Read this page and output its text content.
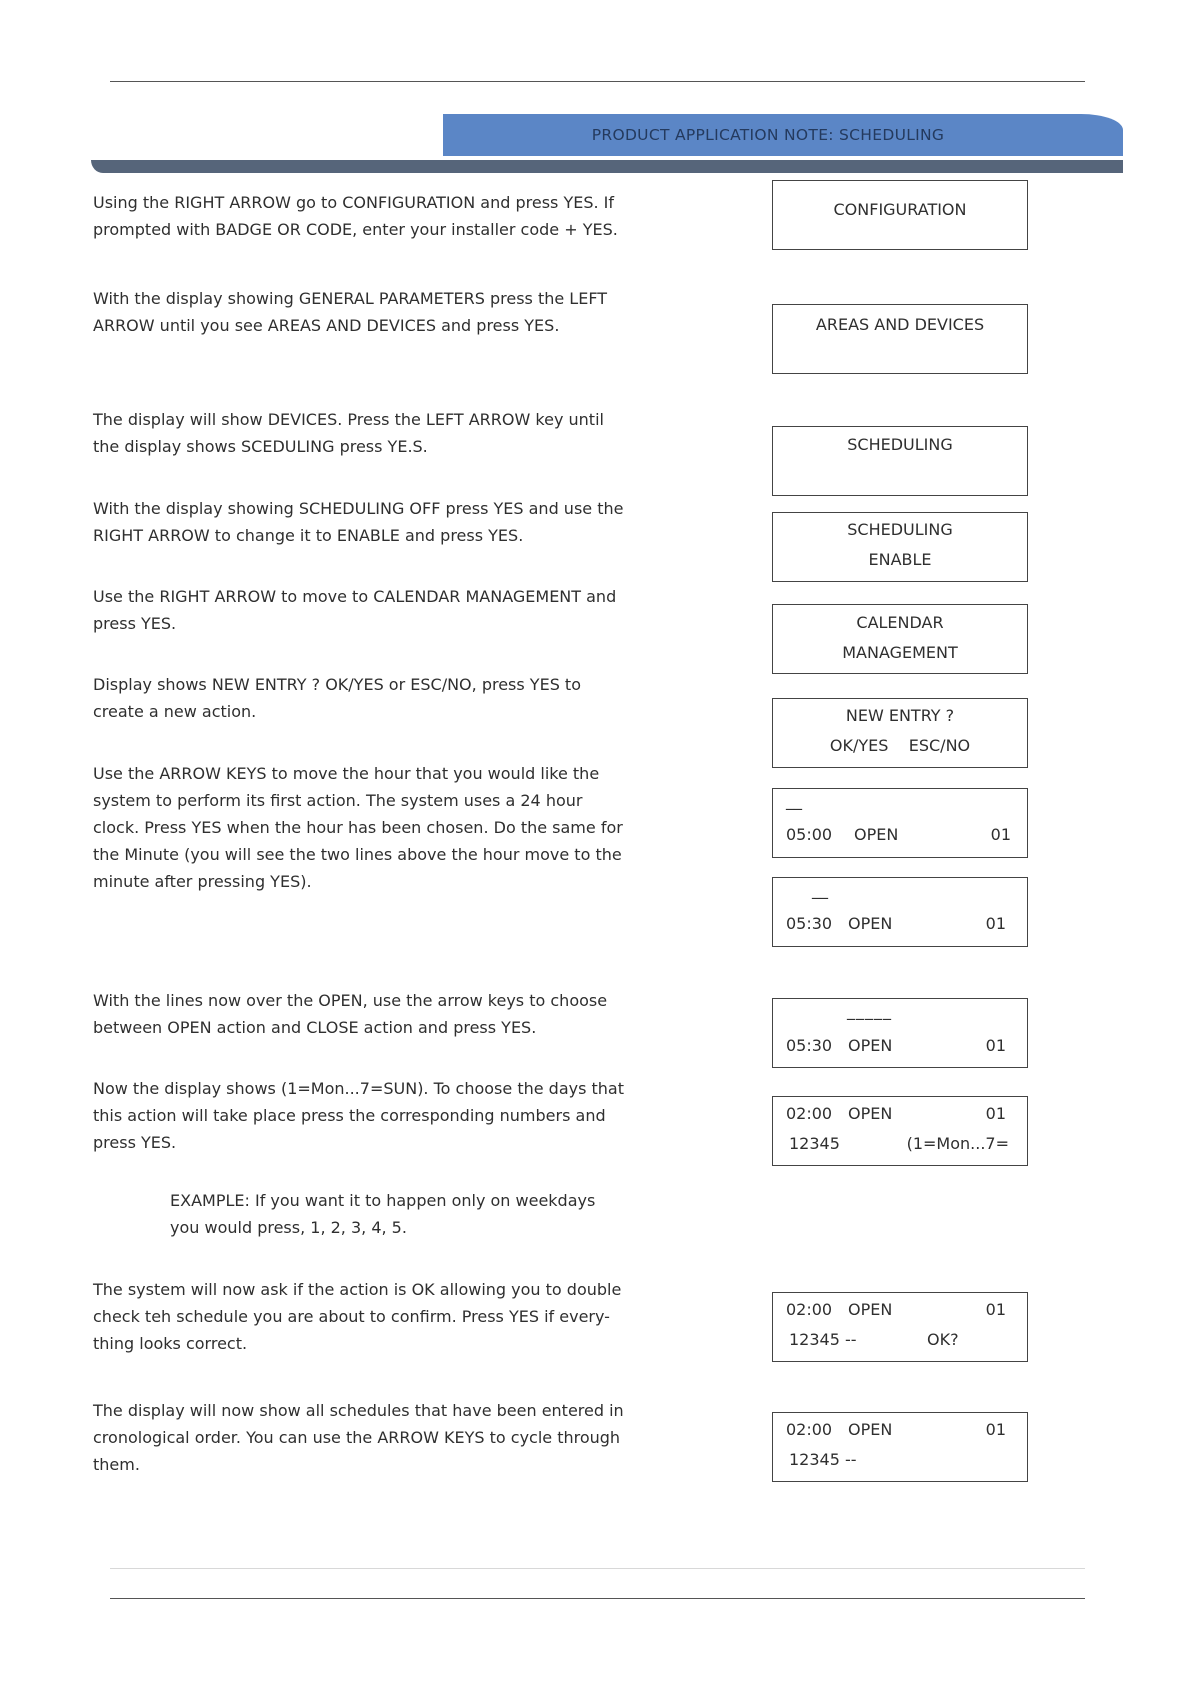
PRODUCT APPLICATION NOTE: SCHEDULING
Using the RIGHT ARROW go to CONFIGURATION and press YES. If prompted with BADGE OR CODE, enter your installer code + YES.
CONFIGURATION
With the display showing GENERAL PARAMETERS press the LEFT ARROW until you see AREAS AND DEVICES and press YES.	AREAS AND DEVICES
The display will show DEVICES. Press the LEFT ARROW key until the display shows SCEDULING press YE.S.	SCHEDULING
With the display showing SCHEDULING OFF press YES and use the RIGHT ARROW to change it to ENABLE and press YES.	SCHEDULING
ENABLE
Use the RIGHT ARROW to move to CALENDAR MANAGEMENT and press YES.	CALENDAR
MANAGEMENT
Display shows NEW ENTRY ? OK/YES or ESC/NO, press YES to create a new action.	NEW ENTRY ?
OK/YES    ESC/NO
Use the ARROW KEYS to move the hour that you would like the system to perform its first action. The system uses a 24 hour clock. Press YES when the hour has been chosen. Do the same for the Minute (you will see the two lines above the hour move to the minute after pressing YES).
__
05:00 OPEN	01
__
05:30 OPEN	01
With the lines now over the OPEN, use the arrow keys to choose between OPEN action and CLOSE action and press YES.
_____
05:30 OPEN	01
Now the display shows (1=Mon...7=SUN). To choose the days that this action will take place press the corresponding numbers and press YES.
02:00 OPEN	01
12345	(1=Mon...7=
EXAMPLE: If you want it to happen only on weekdays
you would press, 1, 2, 3, 4, 5.
The system will now ask if the action is OK allowing you to double check teh schedule you are about to confirm. Press YES if every-thing looks correct.
02:00 OPEN	01
12345 --	OK?
The display will now show all schedules that have been entered in cronological order. You can use the ARROW KEYS to cycle through them.
02:00 OPEN	01
12345 --
